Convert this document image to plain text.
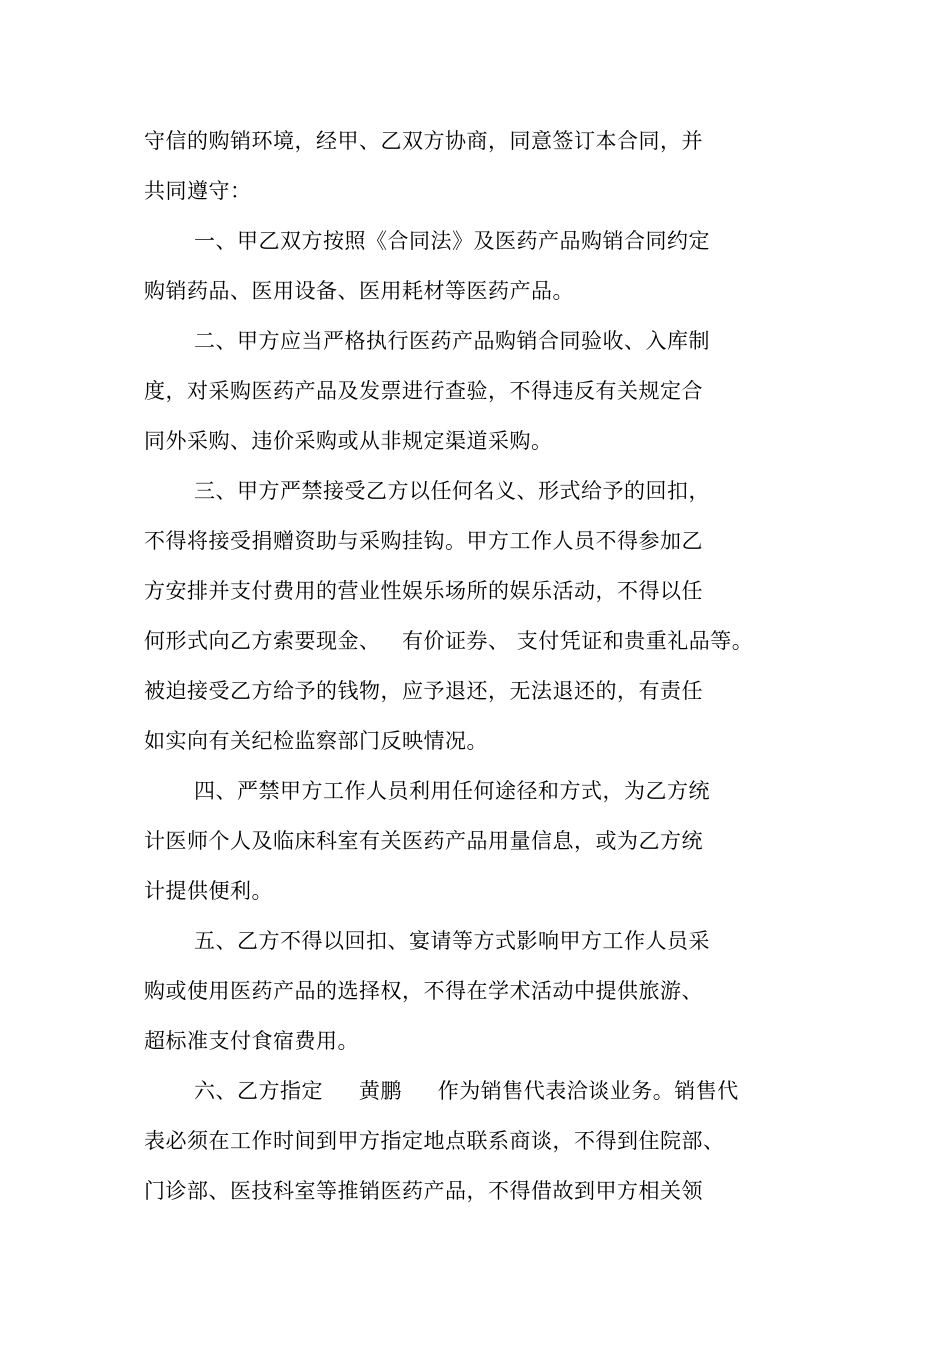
守信的购销环境，经甲、乙双方协商，同意签订本合同，并
共同遵守：
一、甲乙双方按照《合同法》及医药产品购销合同约定
购销药品、医用设备、医用耗材等医药产品。
二、甲方应当严格执行医药产品购销合同验收、入库制
度，对采购医药产品及发票进行查验，不得违反有关规定合
同外采购、违价采购或从非规定渠道采购。
三、甲方严禁接受乙方以任何名义、形式给予的回扣，
不得将接受捐赠资助与采购挂钩。甲方工作人员不得参加乙
方安排并支付费用的营业性娱乐场所的娱乐活动，不得以任
何形式向乙方索要现金、   有价证券、 支付凭证和贵重礼品等。
被迫接受乙方给予的钱物，应予退还，无法退还的，有责任
如实向有关纪检监察部门反映情况。
四、严禁甲方工作人员利用任何途径和方式，为乙方统
计医师个人及临床科室有关医药产品用量信息，或为乙方统
计提供便利。
五、乙方不得以回扣、宴请等方式影响甲方工作人员采
购或使用医药产品的选择权，不得在学术活动中提供旅游、
超标准支付食宿费用。
六、乙方指定     黄鹏     作为销售代表洽谈业务。销售代
表必须在工作时间到甲方指定地点联系商谈，不得到住院部、
门诊部、医技科室等推销医药产品，不得借故到甲方相关领
